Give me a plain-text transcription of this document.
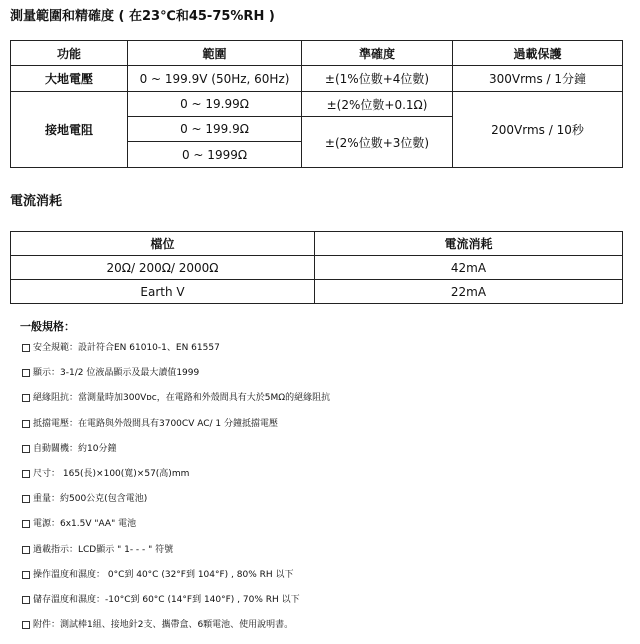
測量範圍和精確度 ( 在23℃和45-75%RH )
功能	範圍	準確度	過載保護
大地電壓	0 ~ 199.9V (50Hz, 60Hz)	±(1%位數+4位數)	300Vrms / 1分鐘
接地電阻	0 ~ 19.99Ω	±(2%位數+0.1Ω)	200Vrms / 10秒
	0 ~ 199.9Ω	±(2%位數+3位數)	
	0 ~ 1999Ω		
電流消耗
檔位	電流消耗
20Ω/ 200Ω/ 2000Ω	42mA
Earth V	22mA
一般規格：
安全規範：設計符合EN 61010-1、EN 61557
顯示：3-1/2 位液晶顯示及最大讀值1999
絕緣阻抗：當測量時加300Vᴅᴄ，在電路和外殼間具有大於5MΩ的絕緣阻抗
抵擋電壓：在電路與外殼間具有3700CV AC/ 1 分鐘抵擋電壓
自動關機：約10分鐘
尺寸： 165(長)×100(寬)×57(高)mm
重量：約500公克(包含電池)
電源：6x1.5V "AA" 電池
過載指示：LCD顯示 " 1- - - " 符號
操作溫度和濕度： 0°C到 40°C (32°F到 104°F) , 80% RH 以下
儲存溫度和濕度：-10°C到 60°C (14°F到 140°F) , 70% RH 以下
附件：測試棒1組、接地針2支、攜帶盒、6顆電池、使用說明書。
